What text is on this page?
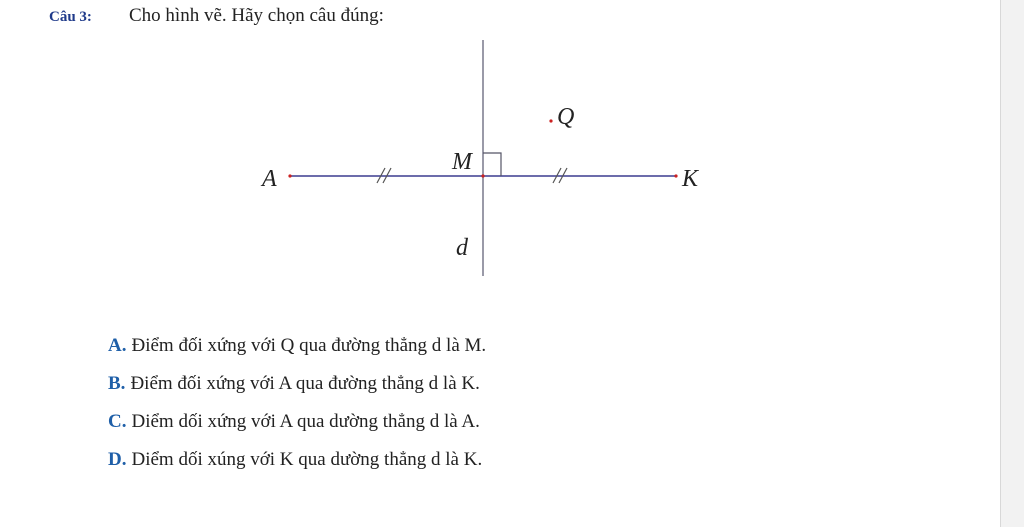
Câu 3: Cho hình vẽ. Hãy chọn câu đúng:
A	K
M
Q
d
A. Điểm đối xứng với Q qua đường thẳng d là M.
B. Điểm đối xứng với A qua đường thẳng d là K.
C. Diểm dối xứng với A qua dường thẳng d là A.
D. Diểm dối xúng với K qua dường thẳng d là K.
